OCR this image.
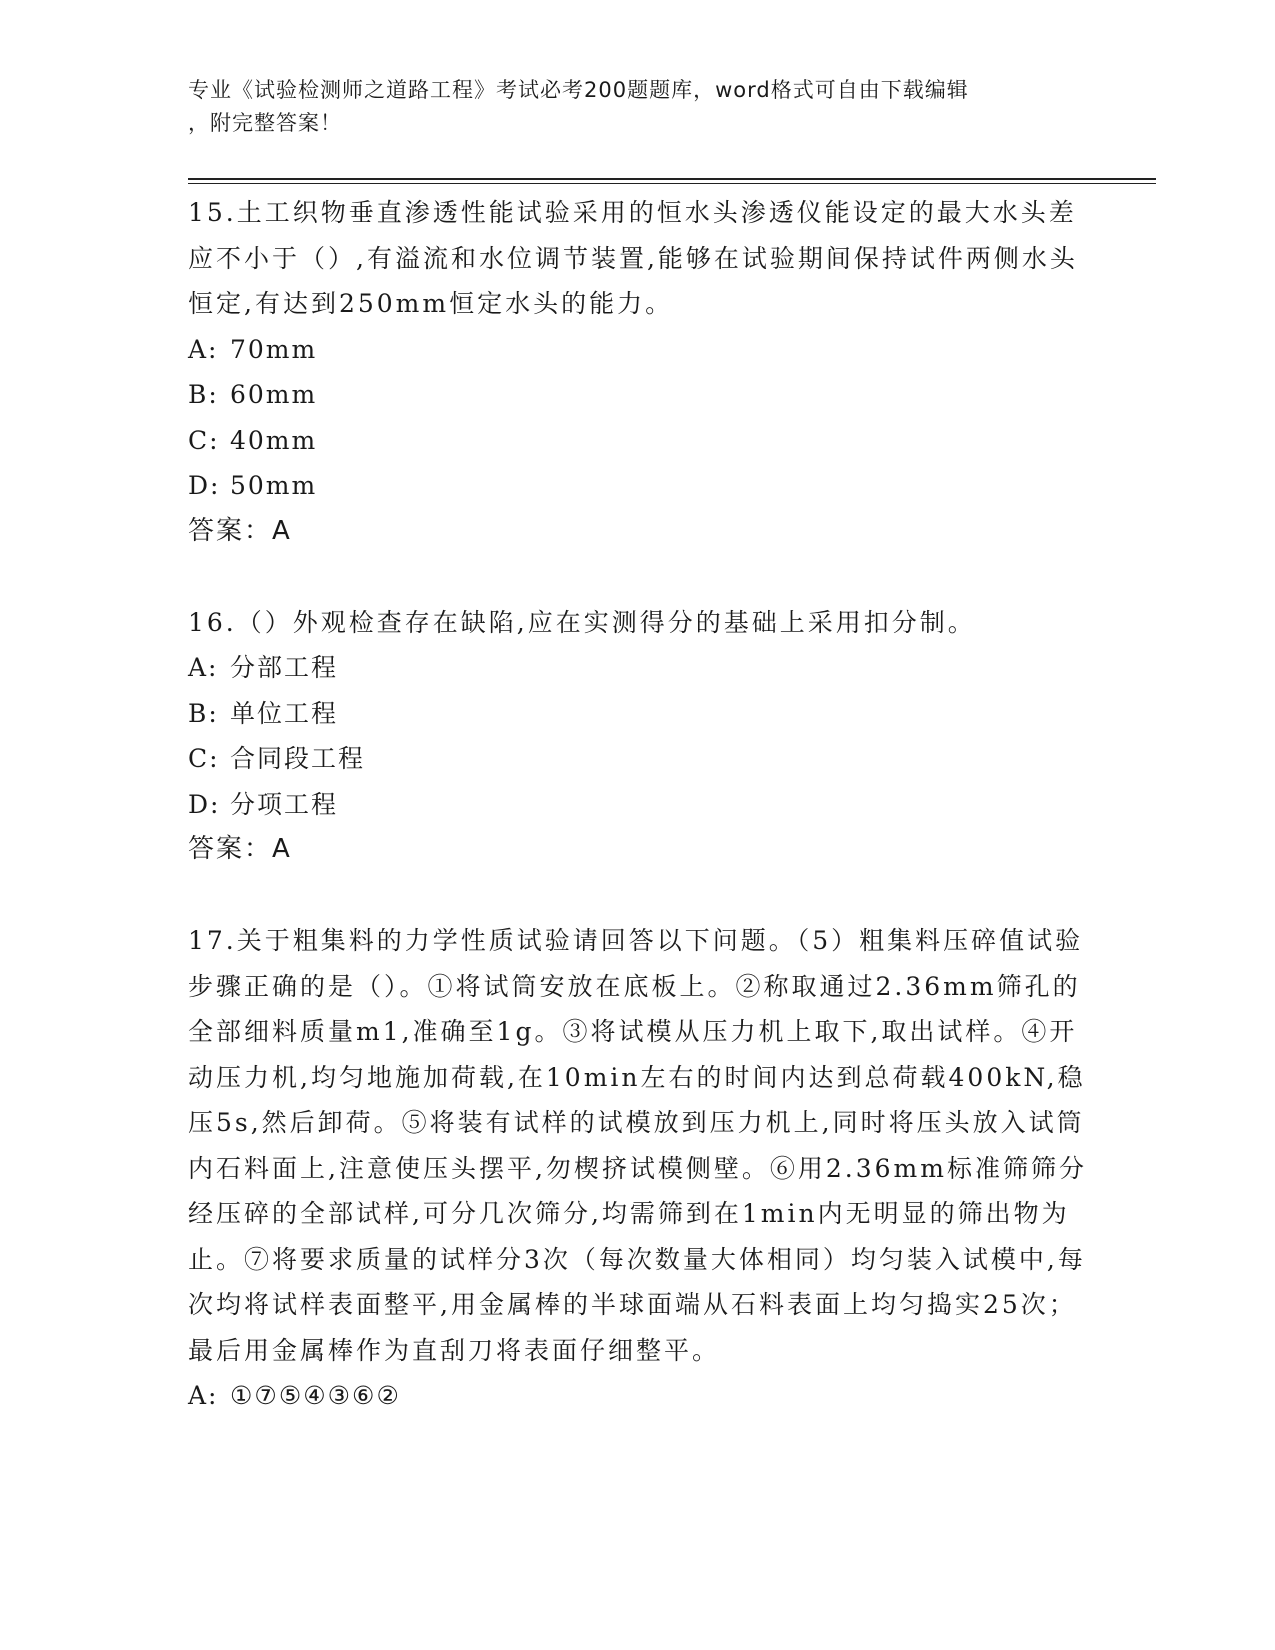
专业《试验检测师之道路工程》考试必考200题题库，word格式可自由下载编辑
，附完整答案！

15.土工织物垂直渗透性能试验采用的恒水头渗透仪能设定的最大水头差应不小于（）,有溢流和水位调节装置,能够在试验期间保持试件两侧水头恒定,有达到250mm恒定水头的能力。

A: 70mm
B: 60mm
C: 40mm
D: 50mm
答案：A

16.（）外观检查存在缺陷,应在实测得分的基础上采用扣分制。

A: 分部工程
B: 单位工程
C: 合同段工程
D: 分项工程
答案：A

17.关于粗集料的力学性质试验请回答以下问题。（5）粗集料压碎值试验步骤正确的是（）。①将试筒安放在底板上。②称取通过2.36mm筛孔的全部细料质量m1,准确至1g。③将试模从压力机上取下,取出试样。④开动压力机,均匀地施加荷载,在10min左右的时间内达到总荷载400kN,稳压5s,然后卸荷。⑤将装有试样的试模放到压力机上,同时将压头放入试筒内石料面上,注意使压头摆平,勿楔挤试模侧壁。⑥用2.36mm标准筛筛分经压碎的全部试样,可分几次筛分,均需筛到在1min内无明显的筛出物为止。⑦将要求质量的试样分3次（每次数量大体相同）均匀装入试模中,每次均将试样表面整平,用金属棒的半球面端从石料表面上均匀捣实25次；最后用金属棒作为直刮刀将表面仔细整平。

A: ①⑦⑤④③⑥②
